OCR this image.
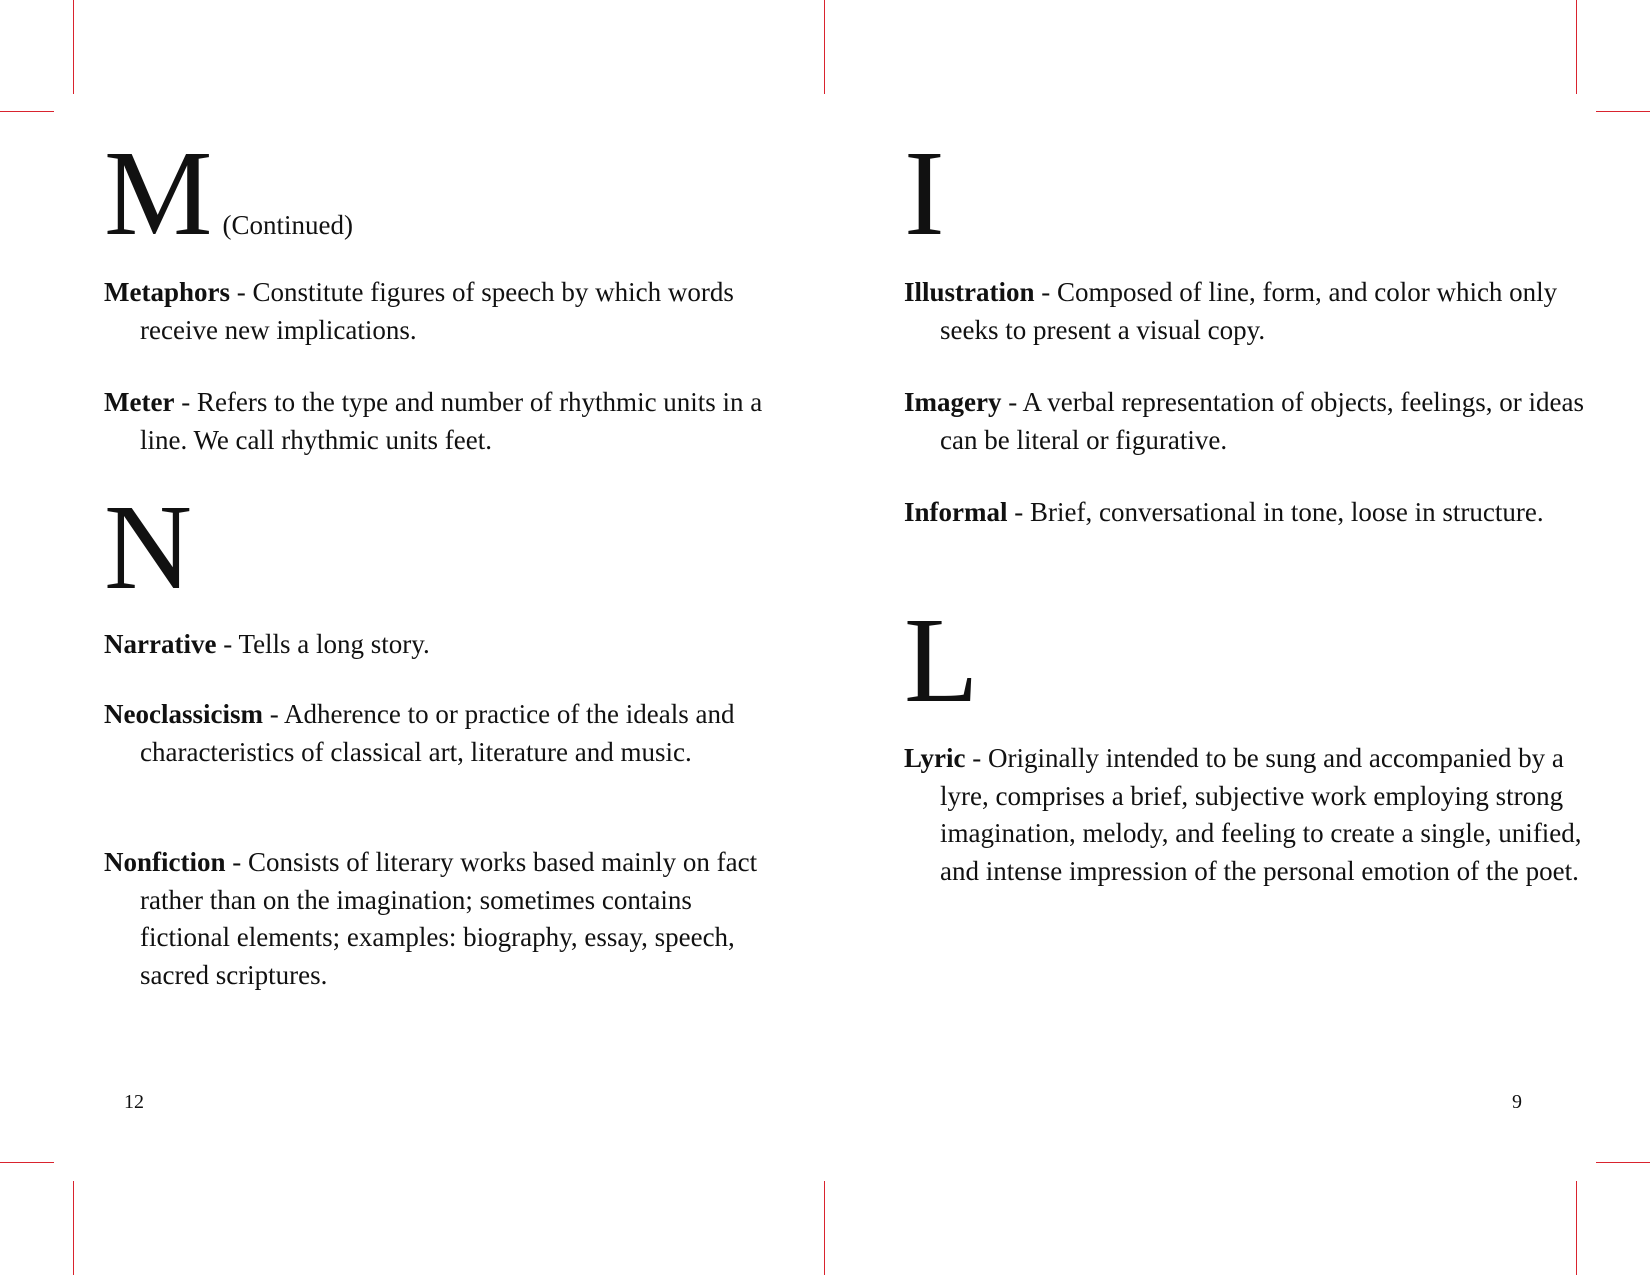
M (Continued)
Metaphors - Constitute figures of speech by which words receive new implications.
Meter - Refers to the type and number of rhythmic units in a line. We call rhythmic units feet.
N
Narrative - Tells a long story.
Neoclassicism - Adherence to or practice of the ideals and characteristics of classical art, literature and music.
Nonfiction - Consists of literary works based mainly on fact rather than on the imagination; sometimes contains fictional elements; examples: biography, essay, speech, sacred scriptures.
12
I
Illustration - Composed of line, form, and color which only seeks to present a visual copy.
Imagery - A verbal representation of objects, feelings, or ideas can be literal or figurative.
Informal - Brief, conversational in tone, loose in structure.
L
Lyric - Originally intended to be sung and accompanied by a lyre, comprises a brief, subjective work employing strong imagination, melody, and feeling to create a single, unified, and intense impression of the personal emotion of the poet.
9
